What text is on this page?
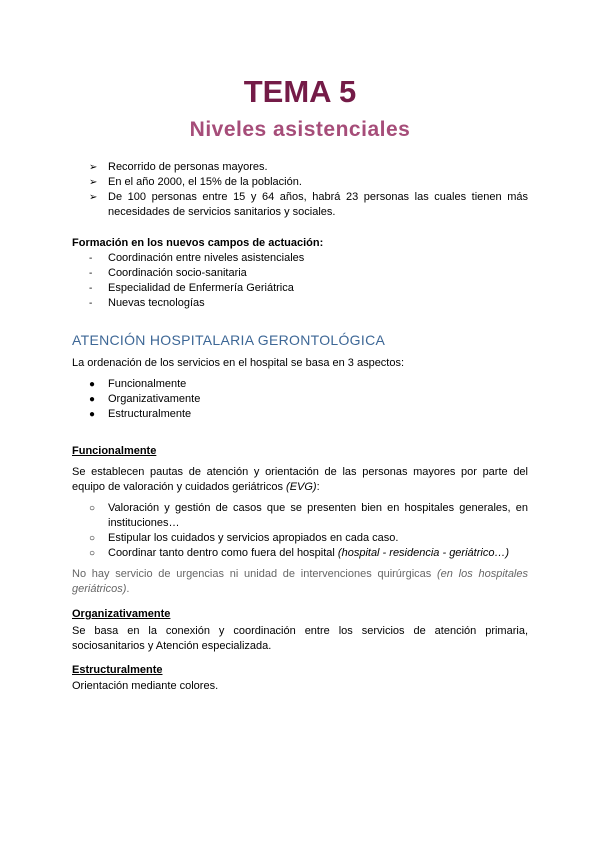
TEMA 5
Niveles asistenciales
➢ Recorrido de personas mayores.
➢ En el año 2000, el 15% de la población.
➢ De 100 personas entre 15 y 64 años, habrá 23 personas las cuales tienen más necesidades de servicios sanitarios y sociales.
Formación en los nuevos campos de actuación:
- Coordinación entre niveles asistenciales
- Coordinación socio-sanitaria
- Especialidad de Enfermería Geriátrica
- Nuevas tecnologías
ATENCIÓN HOSPITALARIA GERONTOLÓGICA
La ordenación de los servicios en el hospital se basa en 3 aspectos:
● Funcionalmente
● Organizativamente
● Estructuralmente
Funcionalmente
Se establecen pautas de atención y orientación de las personas mayores por parte del equipo de valoración y cuidados geriátricos (EVG):
○ Valoración y gestión de casos que se presenten bien en hospitales generales, en instituciones…
○ Estipular los cuidados y servicios apropiados en cada caso.
○ Coordinar tanto dentro como fuera del hospital (hospital - residencia - geriátrico…)
No hay servicio de urgencias ni unidad de intervenciones quirúrgicas (en los hospitales geriátricos).
Organizativamente
Se basa en la conexión y coordinación entre los servicios de atención primaria, sociosanitarios y Atención especializada.
Estructuralmente
Orientación mediante colores.
